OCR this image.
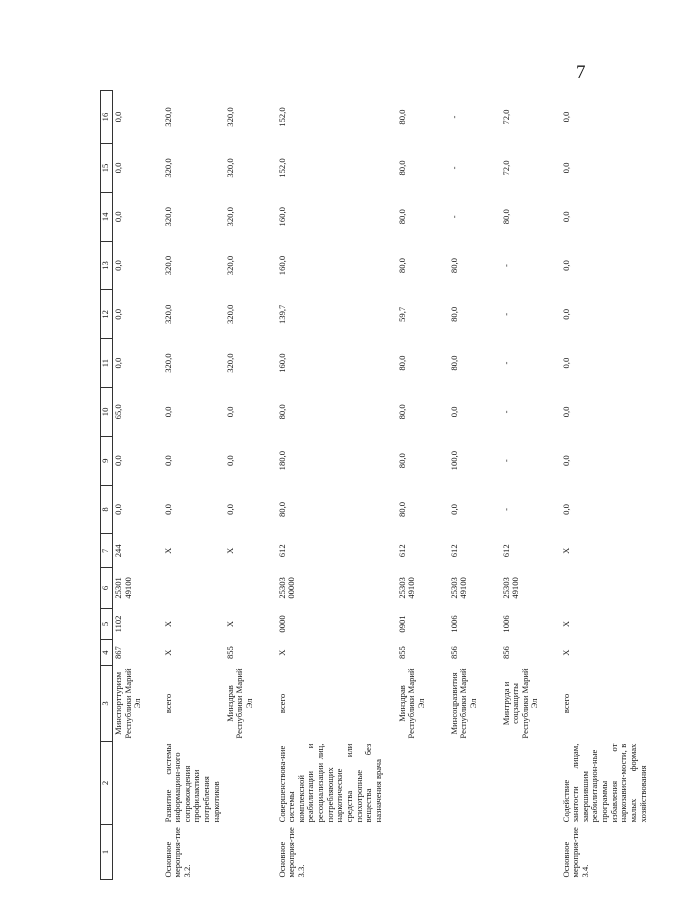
7
1	2	3	4	5	6	7	8	9	10	11	12	13	14	15	16
		Минспорттуризм Республики Марий Эл	867	1102	25301 49100	244	0,0	0,0	65,0	0,0	0,0	0,0	0,0	0,0	0,0
Основное мероприя-тие 3.2.	Развитие системы информацион-ного сопровождения профилактики потребления наркотиков	всего	X	X		X	0,0	0,0	0,0	320,0	320,0	320,0	320,0	320,0	320,0
		Минздрав Республики Марий Эл	855	X		X	0,0	0,0	0,0	320,0	320,0	320,0	320,0	320,0	320,0
Основное мероприя-тие 3.3.	Совершенствова-ние системы комплексной реабилитации и ресоциализации лиц, потребляющих наркотические средства или психотропные вещества без назначения врача	всего	X	0000	25303 00000	612	80,0	180,0	80,0	160,0	139,7	160,0	160,0	152,0	152,0
		Минздрав Республики Марий Эл	855	0901	25303 49100	612	80,0	80,0	80,0	80,0	59,7	80,0	80,0	80,0	80,0
		Минсоцразвития Республики Марий Эл	856	1006	25303 49100	612	0,0	100,0	0,0	80,0	80,0	80,0	-	-	-
		Минтруда и соцзащиты Республики Марий Эл	856	1006	25303 49100	612	-	-	-	-	-	-	80,0	72,0	72,0
Основное мероприя-тие 3.4.	Содействие занятости лицам, завершившим реабилитацион-ные программы избавления от наркозависи-мости, в малых формах хозяйствования	всего	X	X		X	0,0	0,0	0,0	0,0	0,0	0,0	0,0	0,0	0,0
